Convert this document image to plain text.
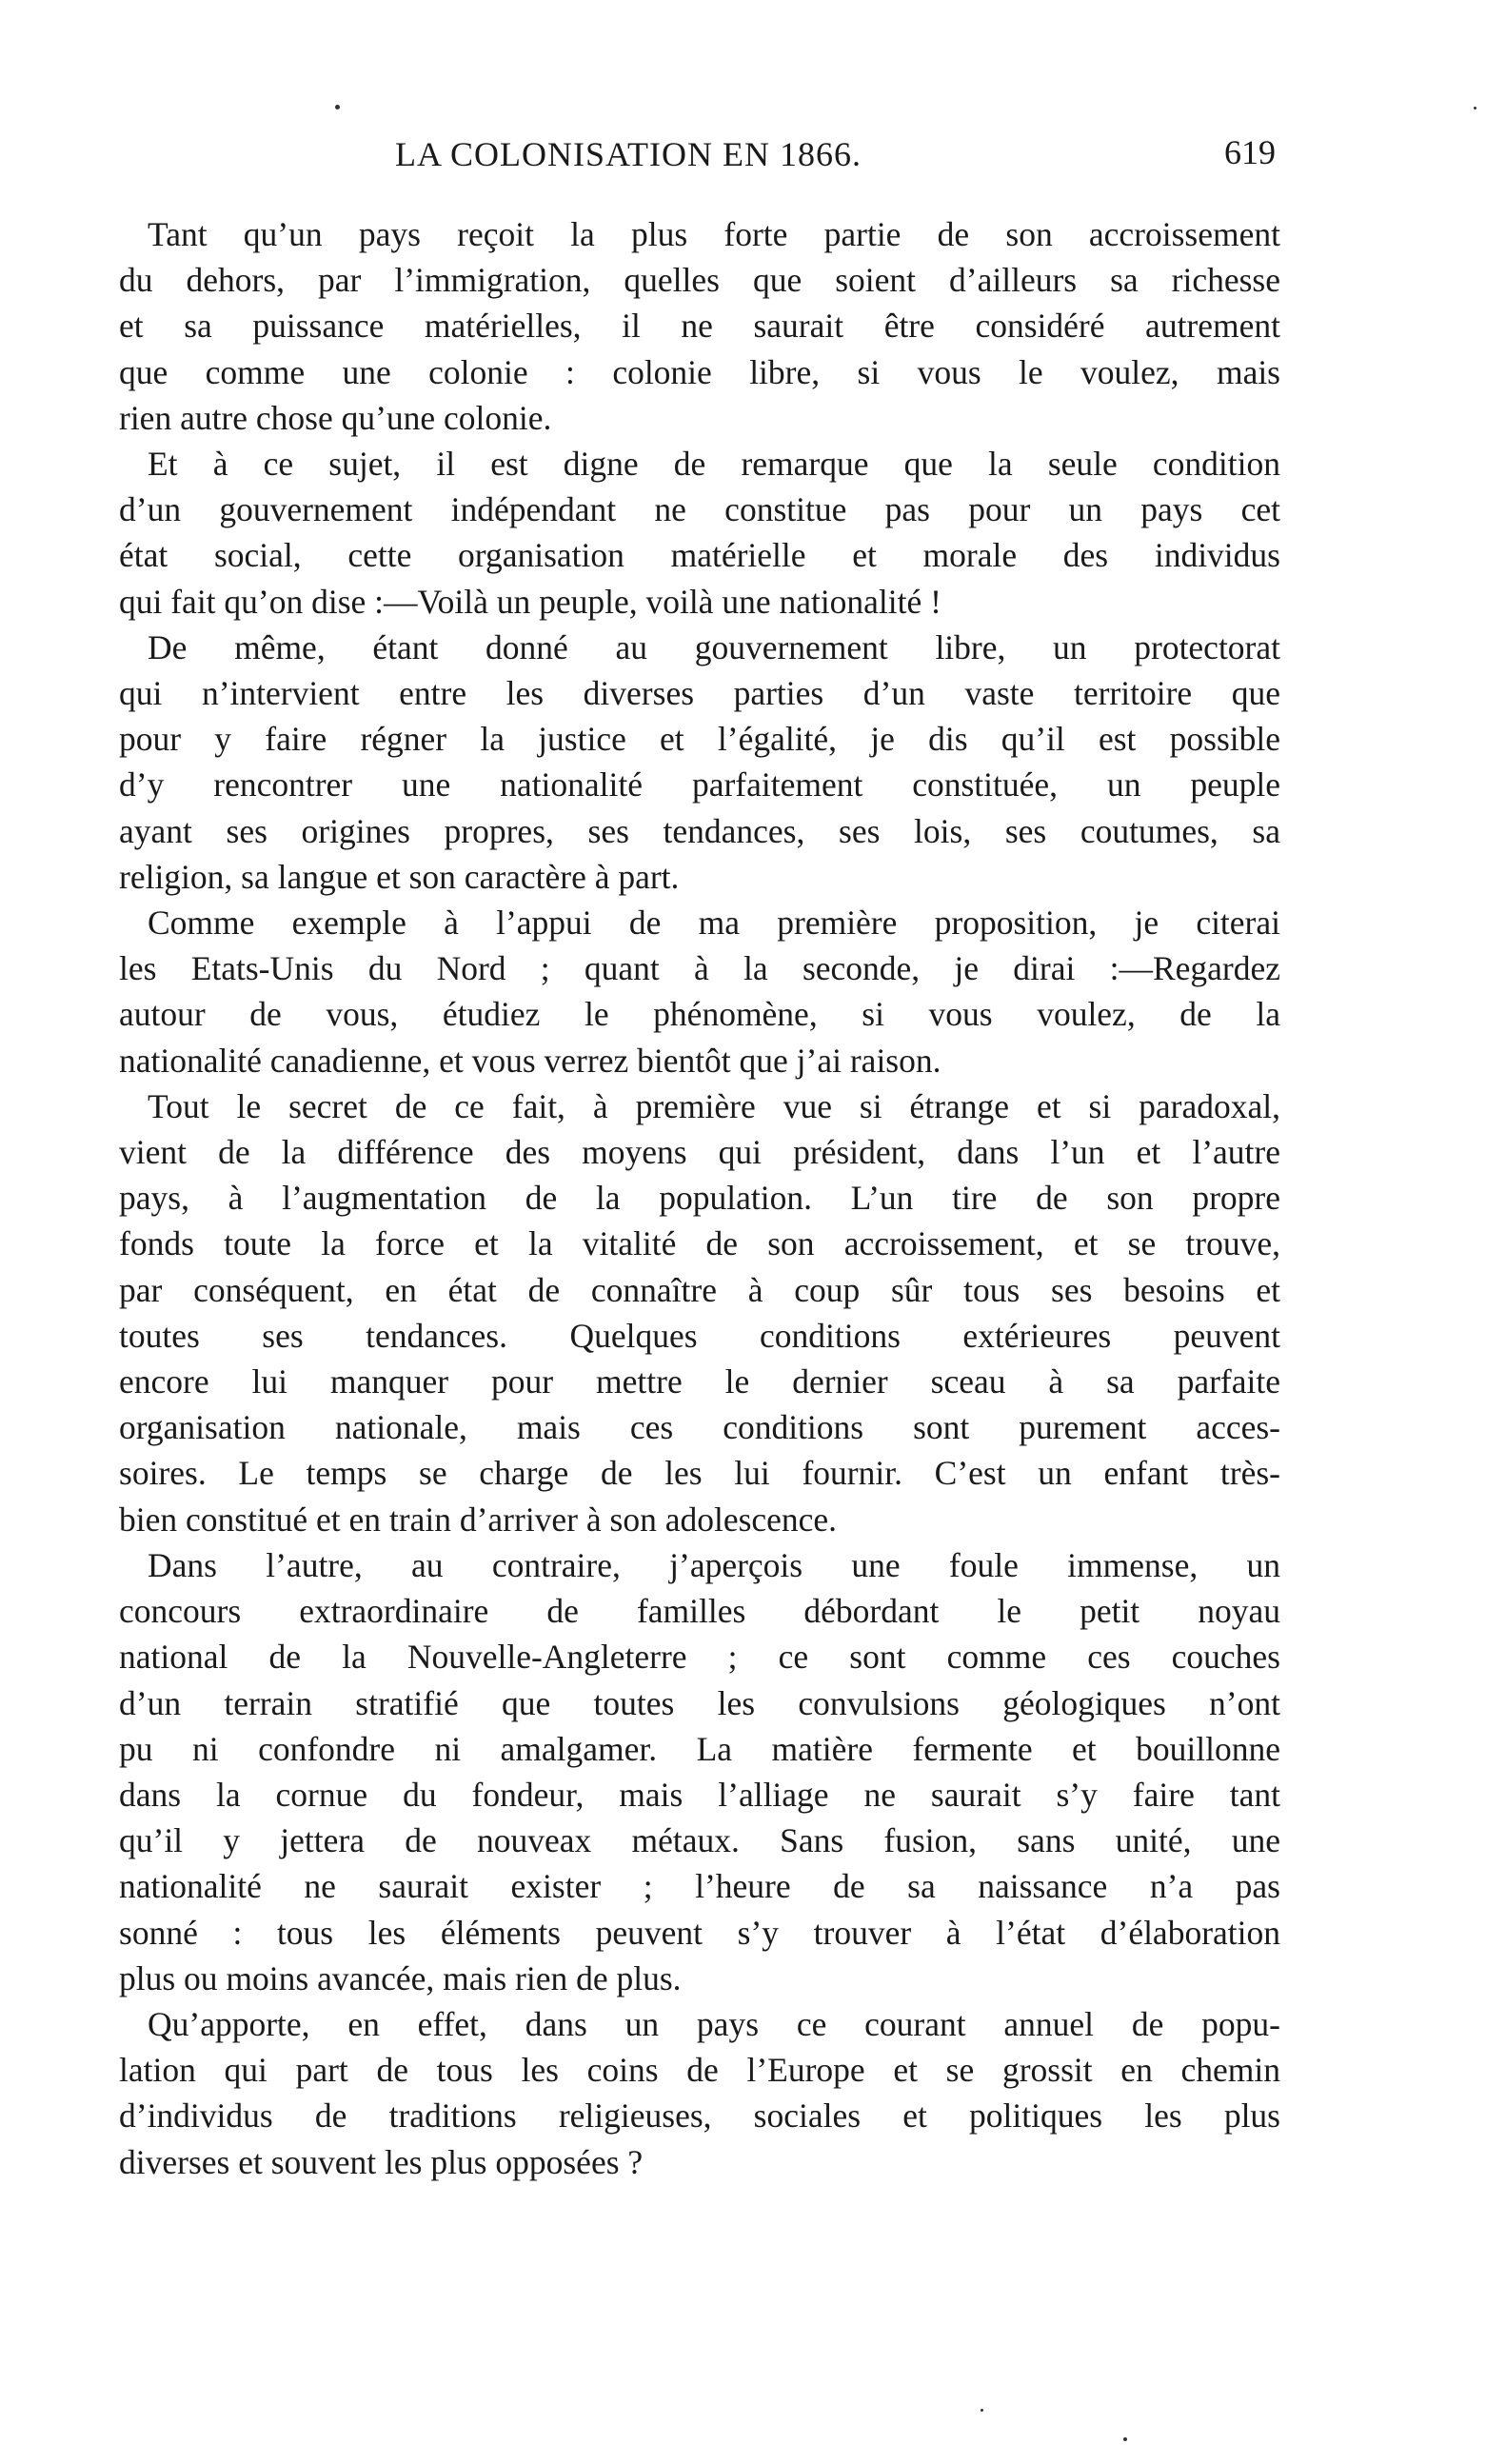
LA COLONISATION EN 1866.	619

Tant qu’un pays reçoit la plus forte partie de son accroissement
du dehors, par l’immigration, quelles que soient d’ailleurs sa richesse
et sa puissance matérielles, il ne saurait être considéré autrement
que comme une colonie : colonie libre, si vous le voulez, mais
rien autre chose qu’une colonie.

Et à ce sujet, il est digne de remarque que la seule condition
d’un gouvernement indépendant ne constitue pas pour un pays cet
état social, cette organisation matérielle et morale des individus
qui fait qu’on dise :—Voilà un peuple, voilà une nationalité !

De même, étant donné au gouvernement libre, un protectorat
qui n’intervient entre les diverses parties d’un vaste territoire que
pour y faire régner la justice et l’égalité, je dis qu’il est possible
d’y rencontrer une nationalité parfaitement constituée, un peuple
ayant ses origines propres, ses tendances, ses lois, ses coutumes, sa
religion, sa langue et son caractère à part.

Comme exemple à l’appui de ma première proposition, je citerai
les Etats-Unis du Nord ; quant à la seconde, je dirai :—Regardez
autour de vous, étudiez le phénomène, si vous voulez, de la
nationalité canadienne, et vous verrez bientôt que j’ai raison.

Tout le secret de ce fait, à première vue si étrange et si paradoxal,
vient de la différence des moyens qui président, dans l’un et l’autre
pays, à l’augmentation de la population. L’un tire de son propre
fonds toute la force et la vitalité de son accroissement, et se trouve,
par conséquent, en état de connaître à coup sûr tous ses besoins et
toutes ses tendances. Quelques conditions extérieures peuvent
encore lui manquer pour mettre le dernier sceau à sa parfaite
organisation nationale, mais ces conditions sont purement acces-
soires. Le temps se charge de les lui fournir. C’est un enfant très-
bien constitué et en train d’arriver à son adolescence.

Dans l’autre, au contraire, j’aperçois une foule immense, un
concours extraordinaire de familles débordant le petit noyau
national de la Nouvelle-Angleterre ; ce sont comme ces couches
d’un terrain stratifié que toutes les convulsions géologiques n’ont
pu ni confondre ni amalgamer. La matière fermente et bouillonne
dans la cornue du fondeur, mais l’alliage ne saurait s’y faire tant
qu’il y jettera de nouveax métaux. Sans fusion, sans unité, une
nationalité ne saurait exister ; l’heure de sa naissance n’a pas
sonné : tous les éléments peuvent s’y trouver à l’état d’élaboration
plus ou moins avancée, mais rien de plus.

Qu’apporte, en effet, dans un pays ce courant annuel de popu-
lation qui part de tous les coins de l’Europe et se grossit en chemin
d’individus de traditions religieuses, sociales et politiques les plus
diverses et souvent les plus opposées ?
